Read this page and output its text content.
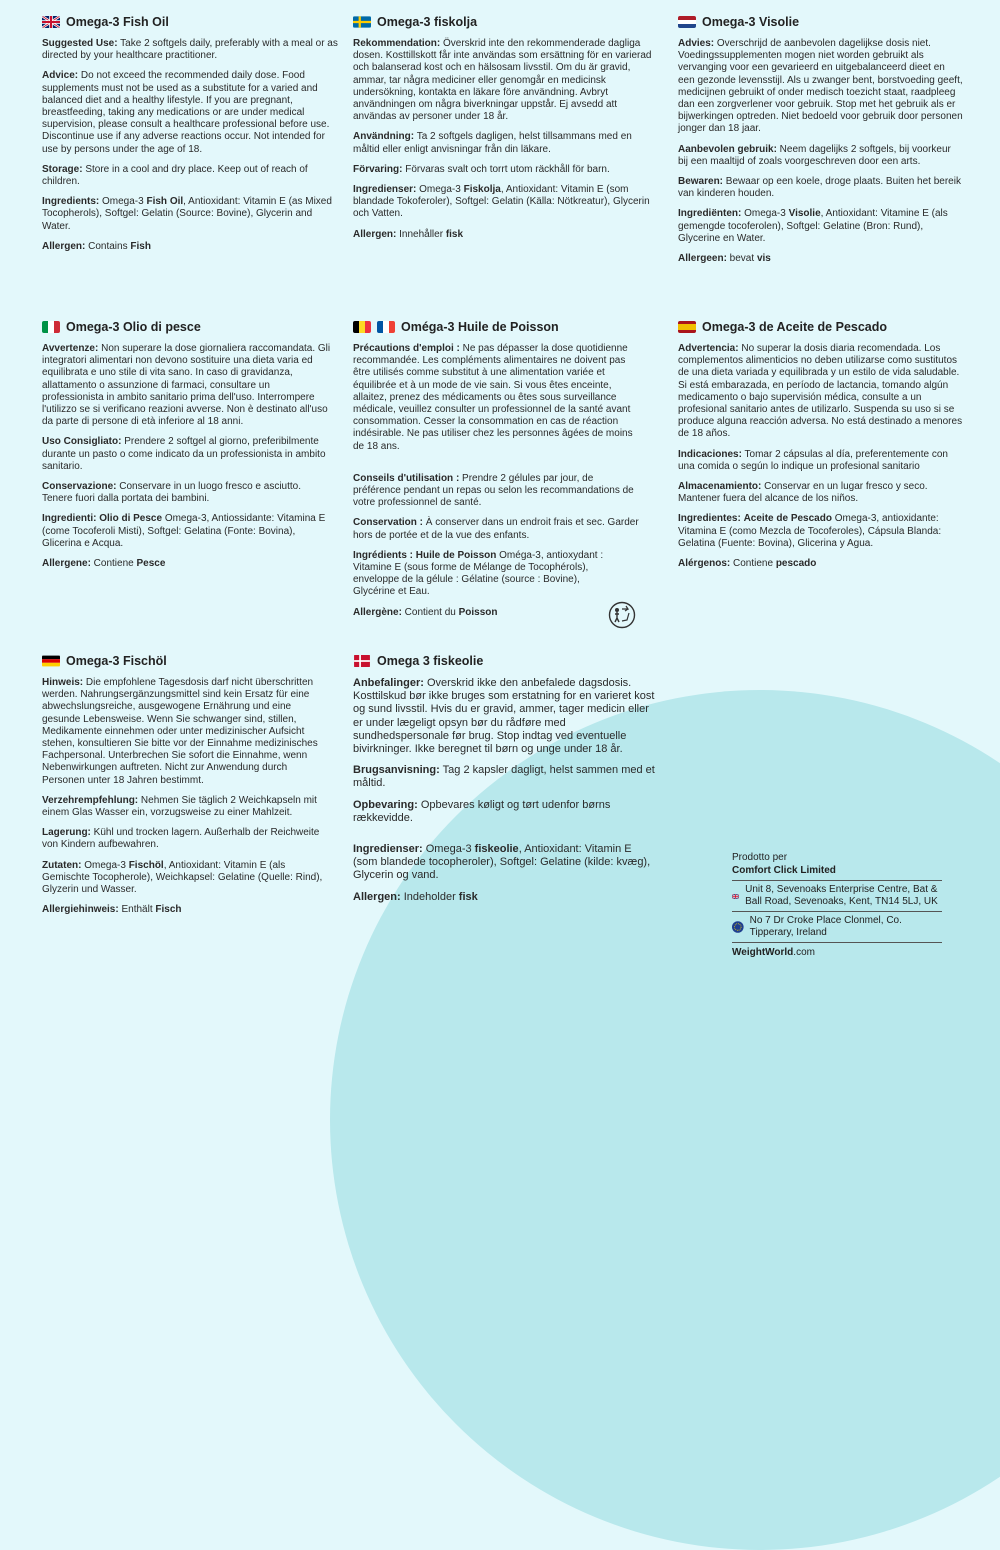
Omega-3 Fish Oil

Suggested Use: Take 2 softgels daily, preferably with a meal or as directed by your healthcare practitioner.

Advice: Do not exceed the recommended daily dose. Food supplements must not be used as a substitute for a varied and balanced diet and a healthy lifestyle. If you are pregnant, breastfeeding, taking any medications or are under medical supervision, please consult a healthcare professional before use. Discontinue use if any adverse reactions occur. Not intended for use by persons under the age of 18.

Storage: Store in a cool and dry place. Keep out of reach of children.

Ingredients: Omega-3 Fish Oil, Antioxidant: Vitamin E (as Mixed Tocopherols), Softgel: Gelatin (Source: Bovine), Glycerin and Water.

Allergen: Contains Fish

Omega-3 fiskolja

Rekommendation: Överskrid inte den rekommenderade dagliga dosen. Kosttillskott får inte användas som ersättning för en varierad och balanserad kost och en hälsosam livsstil. Om du är gravid, ammar, tar några mediciner eller genomgår en medicinsk undersökning, kontakta en läkare före användning. Avbryt användningen om några biverkningar uppstår. Ej avsedd att användas av personer under 18 år.

Användning: Ta 2 softgels dagligen, helst tillsammans med en måltid eller enligt anvisningar från din läkare.

Förvaring: Förvaras svalt och torrt utom räckhåll för barn.

Ingredienser: Omega-3 Fiskolja, Antioxidant: Vitamin E (som blandade Tokoferoler), Softgel: Gelatin (Källa: Nötkreatur), Glycerin och Vatten.

Allergen: Innehåller fisk

Omega-3 Visolie

Advies: Overschrijd de aanbevolen dagelijkse dosis niet. Voedingssupplementen mogen niet worden gebruikt als vervanging voor een gevarieerd en uitgebalanceerd dieet en een gezonde levensstijl. Als u zwanger bent, borstvoeding geeft, medicijnen gebruikt of onder medisch toezicht staat, raadpleeg dan een zorgverlener voor gebruik. Stop met het gebruik als er bijwerkingen optreden. Niet bedoeld voor gebruik door personen jonger dan 18 jaar.

Aanbevolen gebruik: Neem dagelijks 2 softgels, bij voorkeur bij een maaltijd of zoals voorgeschreven door een arts.

Bewaren: Bewaar op een koele, droge plaats. Buiten het bereik van kinderen houden.

Ingrediënten: Omega-3 Visolie, Antioxidant: Vitamine E (als gemengde tocoferolen), Softgel: Gelatine (Bron: Rund), Glycerine en Water.

Allergeen: bevat vis

Omega-3 Olio di pesce

Avvertenze: Non superare la dose giornaliera raccomandata. Gli integratori alimentari non devono sostituire una dieta varia ed equilibrata e uno stile di vita sano. In caso di gravidanza, allattamento o assunzione di farmaci, consultare un professionista in ambito sanitario prima dell'uso. Interrompere l'utilizzo se si verificano reazioni avverse. Non è destinato all'uso da parte di persone di età inferiore al 18 anni.

Uso Consigliato: Prendere 2 softgel al giorno, preferibilmente durante un pasto o come indicato da un professionista in ambito sanitario.

Conservazione: Conservare in un luogo fresco e asciutto. Tenere fuori dalla portata dei bambini.

Ingredienti: Olio di Pesce Omega-3, Antiossidante: Vitamina E (come Tocoferoli Misti), Softgel: Gelatina (Fonte: Bovina), Glicerina e Acqua.

Allergene: Contiene Pesce

Oméga-3 Huile de Poisson

Précautions d'emploi : Ne pas dépasser la dose quotidienne recommandée. Les compléments alimentaires ne doivent pas être utilisés comme substitut à une alimentation variée et équilibrée et à un mode de vie sain. Si vous êtes enceinte, allaitez, prenez des médicaments ou êtes sous surveillance médicale, veuillez consulter un professionnel de la santé avant consommation. Cesser la consommation en cas de réaction indésirable. Ne pas utiliser chez les personnes âgées de moins de 18 ans.

Conseils d'utilisation : Prendre 2 gélules par jour, de préférence pendant un repas ou selon les recommandations de votre professionnel de santé.

Conservation : À conserver dans un endroit frais et sec. Garder hors de portée et de la vue des enfants.

Ingrédients : Huile de Poisson Oméga-3, antioxydant : Vitamine E (sous forme de Mélange de Tocophérols), enveloppe de la gélule : Gélatine (source : Bovine), Glycérine et Eau.

Allergène: Contient du Poisson

Omega-3 de Aceite de Pescado

Advertencia: No superar la dosis diaria recomendada. Los complementos alimenticios no deben utilizarse como sustitutos de una dieta variada y equilibrada y un estilo de vida saludable. Si está embarazada, en período de lactancia, tomando algún medicamento o bajo supervisión médica, consulte a un profesional sanitario antes de utilizarlo. Suspenda su uso si se produce alguna reacción adversa. No está destinado a menores de 18 años.

Indicaciones: Tomar 2 cápsulas al día, preferentemente con una comida o según lo indique un profesional sanitario

Almacenamiento: Conservar en un lugar fresco y seco. Mantener fuera del alcance de los niños.

Ingredientes: Aceite de Pescado Omega-3, antioxidante: Vitamina E (como Mezcla de Tocoferoles), Cápsula Blanda: Gelatina (Fuente: Bovina), Glicerina y Agua.

Alérgenos: Contiene pescado

Omega-3 Fischöl

Hinweis: Die empfohlene Tagesdosis darf nicht überschritten werden. Nahrungsergänzungsmittel sind kein Ersatz für eine abwechslungsreiche, ausgewogene Ernährung und eine gesunde Lebensweise. Wenn Sie schwanger sind, stillen, Medikamente einnehmen oder unter medizinischer Aufsicht stehen, konsultieren Sie bitte vor der Einnahme medizinisches Fachpersonal. Unterbrechen Sie sofort die Einnahme, wenn Nebenwirkungen auftreten. Nicht zur Anwendung durch Personen unter 18 Jahren bestimmt.

Verzehrempfehlung: Nehmen Sie täglich 2 Weichkapseln mit einem Glas Wasser ein, vorzugsweise zu einer Mahlzeit.

Lagerung: Kühl und trocken lagern. Außerhalb der Reichweite von Kindern aufbewahren.

Zutaten: Omega-3 Fischöl, Antioxidant: Vitamin E (als Gemischte Tocopherole), Weichkapsel: Gelatine (Quelle: Rind), Glyzerin und Wasser.

Allergiehinweis: Enthält Fisch

Omega 3 fiskeolie

Anbefalinger: Overskrid ikke den anbefalede dagsdosis. Kosttilskud bør ikke bruges som erstatning for en varieret kost og sund livsstil. Hvis du er gravid, ammer, tager medicin eller er under lægeligt opsyn bør du rådføre med sundhedspersonale før brug. Stop indtag ved eventuelle bivirkninger. Ikke beregnet til børn og unge under 18 år.

Brugsanvisning: Tag 2 kapsler dagligt, helst sammen med et måltid.

Opbevaring: Opbevares køligt og tørt udenfor børns rækkevidde.

Ingredienser: Omega-3 fiskeolie, Antioxidant: Vitamin E (som blandede tocopheroler), Softgel: Gelatine (kilde: kvæg), Glycerin og vand.

Allergen: Indeholder fisk

Prodotto per
Comfort Click Limited
Unit 8, Sevenoaks Enterprise Centre, Bat & Ball Road, Sevenoaks, Kent, TN14 5LJ, UK
No 7 Dr Croke Place Clonmel, Co. Tipperary, Ireland
WeightWorld.com
